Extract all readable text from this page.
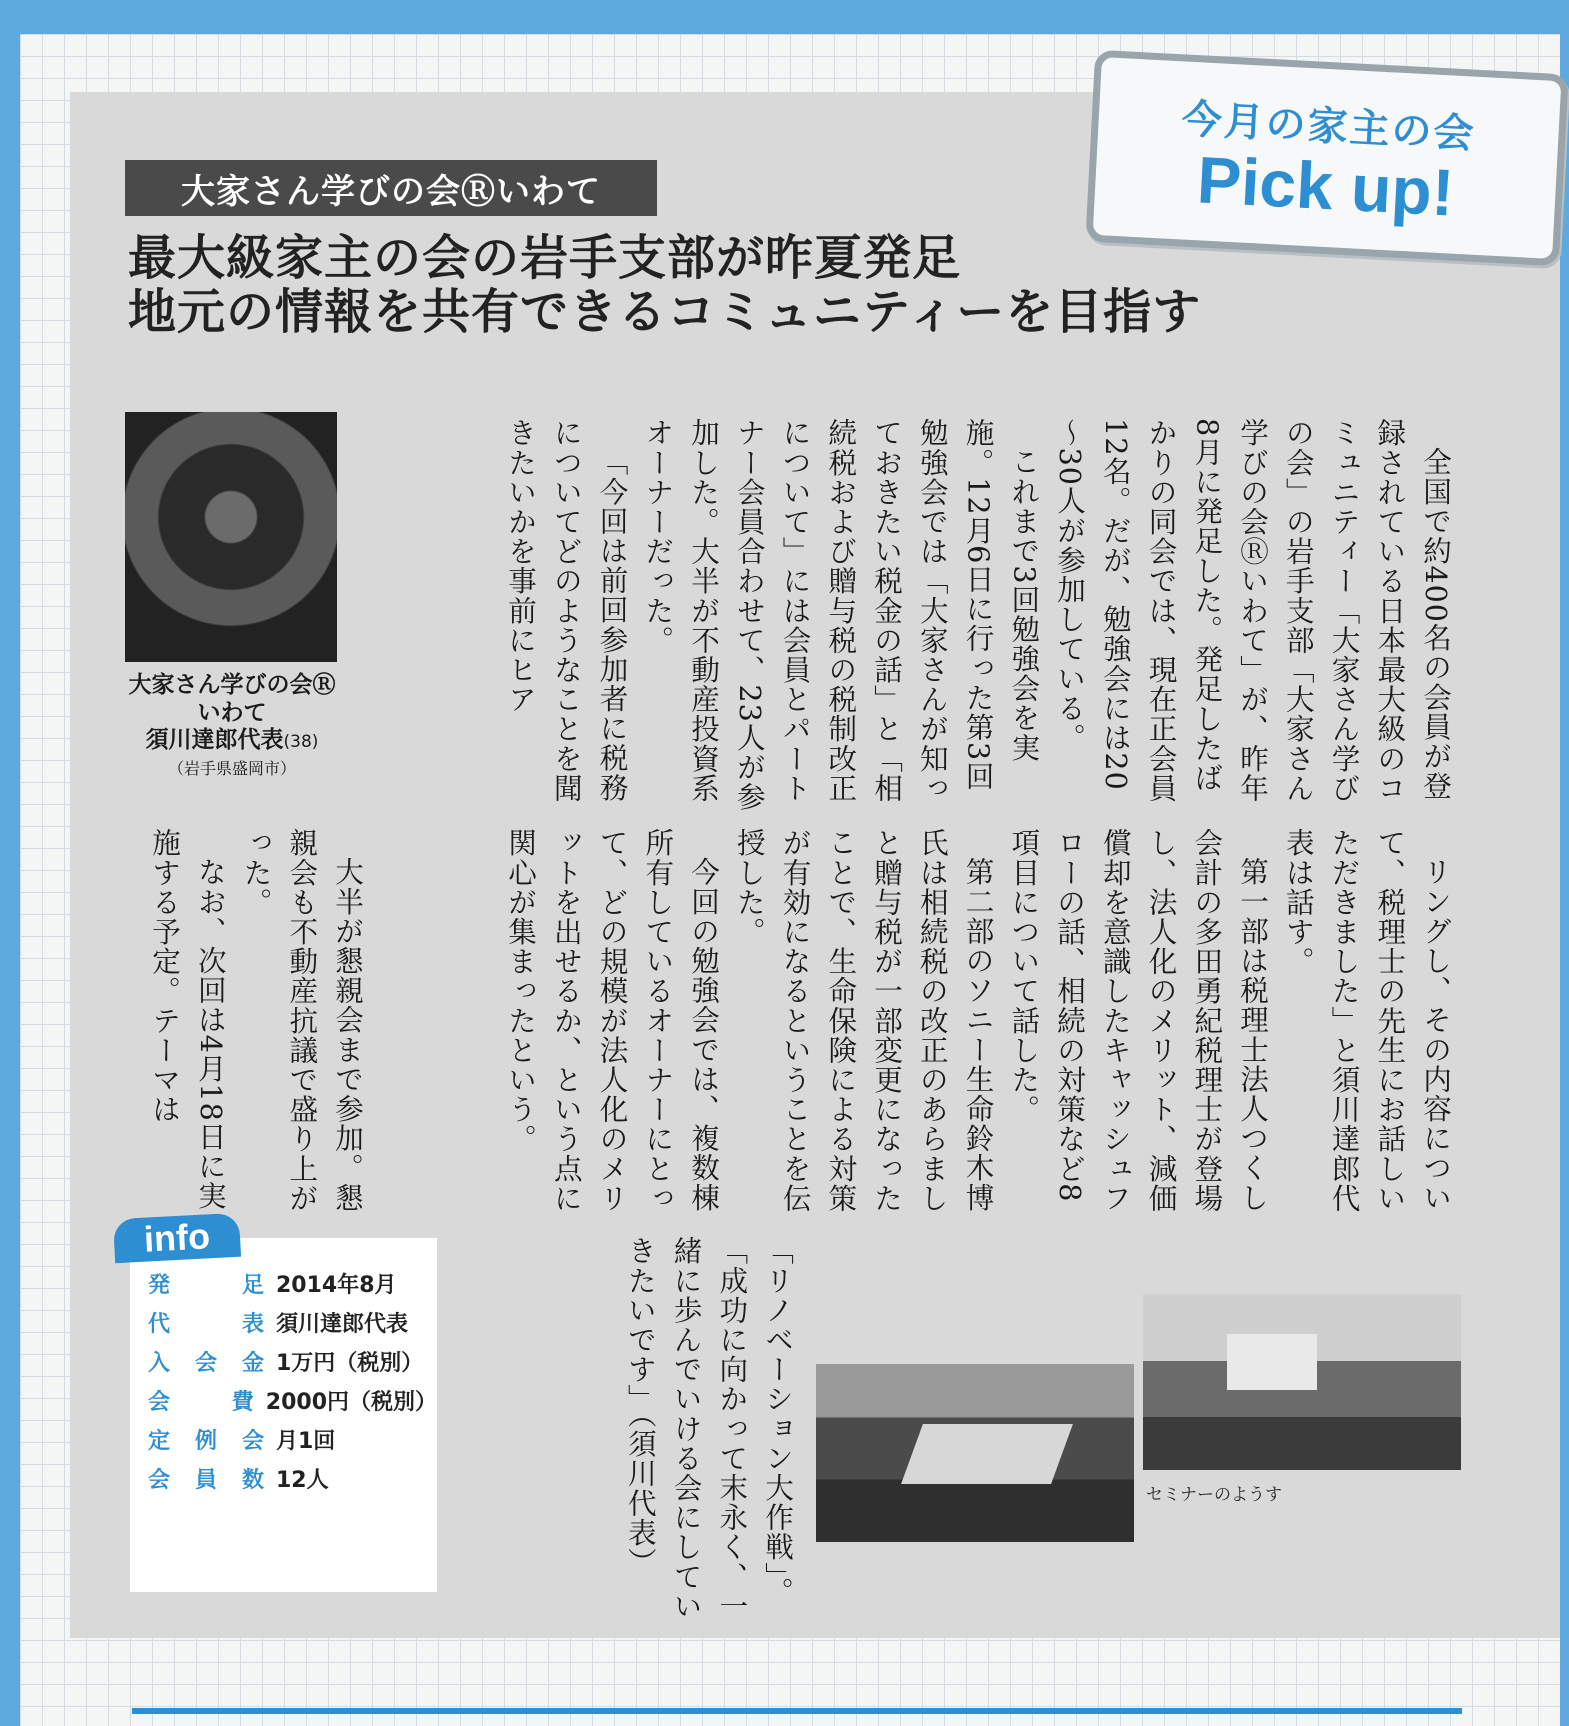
今月の家主の会
Pick up!
大家さん学びの会Ⓡいわて
最大級家主の会の岩手支部が昨夏発足
地元の情報を共有できるコミュニティーを目指す

全国で約400名の会員が登録されている日本最大級のコミュニティー「大家さん学びの会」の岩手支部「大家さん学びの会Ⓡいわて」が、昨年8月に発足した。発足したばかりの同会では、現在正会員12名。だが、勉強会には20～30人が参加している。

これまで3回勉強会を実施。12月6日に行った第3回勉強会では「大家さんが知っておきたい税金の話」と「相続税および贈与税の税制改正について」には会員とパートナー会員合わせて、23人が参加した。大半が不動産投資系オーナーだった。

「今回は前回参加者に税務についてどのようなことを聞きたいかを事前にヒア

リングし、その内容について、税理士の先生にお話しいただきました」と須川達郎代表は話す。

第一部は税理士法人つくし会計の多田勇紀税理士が登場し、法人化のメリット、減価償却を意識したキャッシュフローの話、相続の対策など8項目について話した。

第二部のソニー生命鈴木博氏は相続税の改正のあらましと贈与税が一部変更になったことで、生命保険による対策が有効になるということを伝授した。

今回の勉強会では、複数棟所有しているオーナーにとって、どの規模が法人化のメリットを出せるか、という点に関心が集まったという。

大半が懇親会まで参加。懇親会も不動産抗議で盛り上がった。

なお、次回は4月18日に実施する予定。テーマは

「リノベーション大作戦」。「成功に向かって末永く、一緒に歩んでいける会にしていきたいです」（須川代表）

大家さん学びの会Ⓡ
いわて
須川達郎代表(38)
（岩手県盛岡市）
発	足 2014年8月
代	表 須川達郎代表
入 会 金 1万円（税別）
会	費 2000円（税別）
定 例 会 月1回
会 員 数 12人
info
セミナーのようす
